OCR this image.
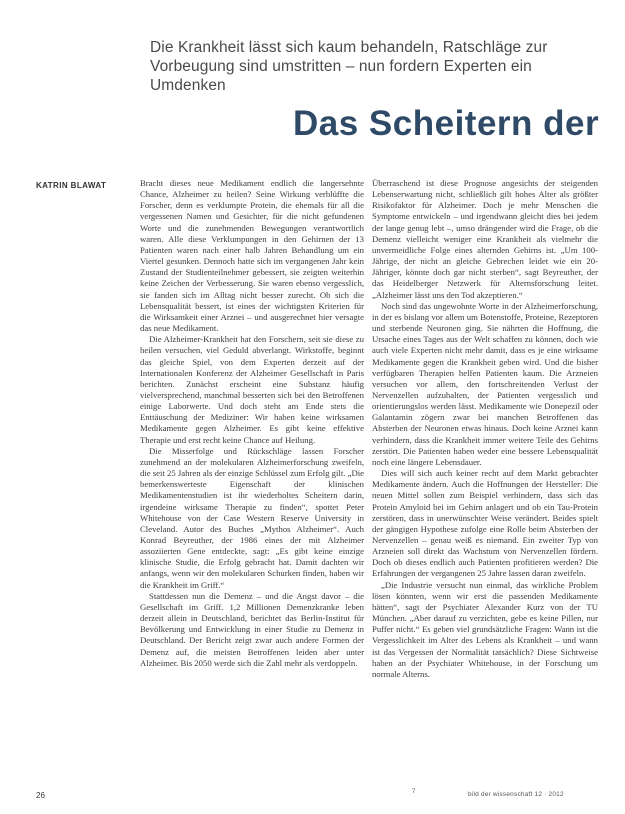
Die Krankheit lässt sich kaum behandeln, Ratschläge zur Vorbeugung sind umstritten – nun fordern Experten ein Umdenken
Das Scheitern der
KATRIN BLAWAT	Bracht dieses neue Medikament endlich die langersehnte Chance, Alzheimer zu heilen? Seine Wirkung verblüffte die Forscher, denn es verklumpte Protein, die ehemals für all die vergessenen Namen und Gesichter, für die nicht gefundenen Worte und die zunehmenden Bewegungen verantwortlich waren. Alle diese Verklumpungen in den Gehirnen der 13 Patienten waren nach einer halb Jahren Behandlung um ein Viertel gesunken. Dennoch hatte sich im vergangenen Jahr kein Zustand der Studienteilnehmer gebessert, sie zeigten weiterhin keine Zeichen der Verbesserung. Sie waren ebenso vergesslich, sie fanden sich im Alltag nicht besser zurecht. Ob sich die Lebensqualität bessert, ist eines der wichtigsten Kriterien für die Wirksamkeit einer Arznei – und ausgerechnet hier versagte das neue Medikament.

Die Alzheimer-Krankheit hat den Forschern, seit sie diese zu heilen versuchen, viel Geduld abverlangt. Wirkstoffe, beginnt das gleiche Spiel, von dem Experten derzeit auf der Internationalen Konferenz der Alzheimer Gesellschaft in Paris berichten. Zunächst erscheint eine Substanz häufig vielversprechend, manchmal besserten sich bei den Betroffenen einige Laborwerte. Und doch steht am Ende stets die Enttäuschung der Mediziner: Wir haben keine wirksamen Medikamente gegen Alzheimer. Es gibt keine effektive Therapie und erst recht keine Chance auf Heilung.

Die Misserfolge und Rückschläge lassen Forscher zunehmend an der molekularen Alzheimerforschung zweifeln, die seit 25 Jahren als der einzige Schlüssel zum Erfolg gilt. „Die bemerkenswerteste Eigenschaft der klinischen Medikamentenstudien ist ihr wiederholtes Scheitern darin, irgendeine wirksame Therapie zu finden“, spottet Peter Whitehouse von der Case Western Reserve University in Cleveland. Autor des Buches „Mythos Alzheimer“. Auch Konrad Beyreuther, der 1986 eines der mit Alzheimer assoziierten Gene entdeckte, sagt: „Es gibt keine einzige klinische Studie, die Erfolg gebracht hat. Damit dachten wir anfangs, wenn wir den molekularen Schurken finden, haben wir die Krankheit im Griff.“

Stattdessen nun die Demenz – und die Angst davor – die Gesellschaft im Griff. 1,2 Millionen Demenzkranke leben derzeit allein in Deutschland, berichtet das Berlin-Institut für Bevölkerung und Entwicklung in einer Studie zu Demenz in Deutschland. Der Bericht zeigt zwar auch andere Formen der Demenz auf, die meisten Betroffenen leiden aber unter Alzheimer. Bis 2050 werde sich die Zahl mehr als verdoppeln.

Überraschend ist diese Prognose angesichts der steigenden Lebenserwartung nicht, schließlich gilt hohes Alter als größter Risikofaktor für Alzheimer. Doch je mehr Menschen die Symptome entwickeln – und irgendwann gleicht dies bei jedem der lange genug lebt –, umso drängender wird die Frage, ob die Demenz vielleicht weniger eine Krankheit als vielmehr die unvermeidliche Folge eines alternden Gehirns ist. „Um 100-Jährige, der nicht an gleiche Gebrechen leidet wie ein 20-Jähriger, könnte doch gar nicht sterben“, sagt Beyreuther, der das Heidelberger Netzwerk für Alternsforschung leitet. „Alzheimer lässt uns den Tod akzeptieren.“

Noch sind das ungewohnte Worte in der Alzheimerforschung, in der es bislang vor allem um Botenstoffe, Proteine, Rezeptoren und sterbende Neuronen ging. Sie nährten die Hoffnung, die Ursache eines Tages aus der Welt schaffen zu können, doch wie auch viele Experten nicht mehr damit, dass es je eine wirksame Medikamente gegen die Krankheit geben wird. Und die bisher verfügbaren Therapien helfen Patienten kaum. Die Arzneien versuchen vor allem, den fortschreitenden Verlust der Nervenzellen aufzuhalten, der Patienten vergesslich und orientierungslos werden lässt. Medikamente wie Donepezil oder Galantamin zögern zwar bei manchen Betroffenen das Absterben der Neuronen etwas hinaus. Doch keine Arznei kann verhindern, dass die Krankheit immer weitere Teile des Gehirns zerstört. Die Patienten haben weder eine bessere Lebensqualität noch eine längere Lebensdauer.

Dies will sich auch keiner recht auf dem Markt gebrachter Medikamente ändern. Auch die Hoffnungen der Hersteller: Die neuen Mittel sollen zum Beispiel verhindern, dass sich das Protein Amyloid bei im Gehirn anlagert und ob ein Tau-Protein zerstören, dass in unerwünschter Weise verändert. Beides spielt der gängigen Hypothese zufolge eine Rolle beim Absterben der Nervenzellen – genau weiß es niemand. Ein zweiter Typ von Arzneien soll direkt das Wachstum von Nervenzellen fördern. Doch ob dieses endlich auch Patienten profitieren werden? Die Erfahrungen der vergangenen 25 Jahre lassen daran zweifeln.

„Die Industrie versucht nun einmal, das wirkliche Problem lösen könnten, wenn wir erst die passenden Medikamente hätten“, sagt der Psychiater Alexander Kurz von der TU München. „Aber darauf zu verzichten, gebe es keine Pillen, nur Puffer nicht.“ Es geben viel grundsätzliche Fragen: Wann ist die Vergesslichkeit im Alter des Lebens als Krankheit – und wann ist das Vergessen der Normalität tatsächlich? Diese Sichtweise haben an der Psychiater Whitehouse, in der Forschung um normale Alterns.

26	7	bild der wissenschaft 12 · 2012
